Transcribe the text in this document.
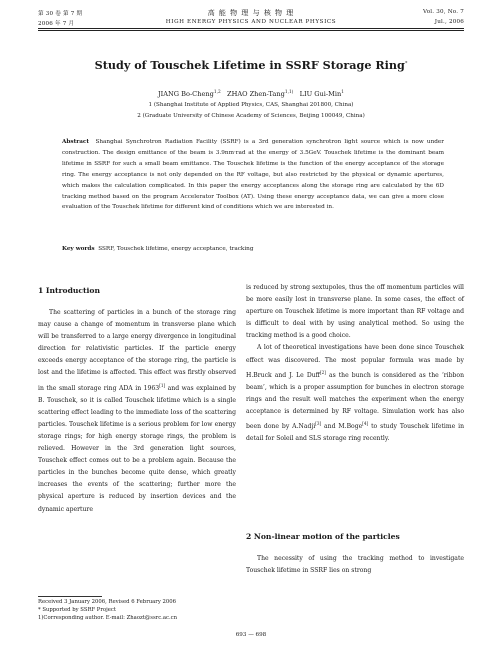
第 30 卷 第 7 期	高 能 物 理 与 核 物 理	Vol. 30, No. 7
2006 年 7 月	HIGH ENERGY PHYSICS AND NUCLEAR PHYSICS	Jul., 2006
Study of Touschek Lifetime in SSRF Storage Ring*
JIANG Bo-Cheng$^{1,2}$ ZHAO Zhen-Tang$^{1,1)}$ LIU Gui-Min$^1$
1 (Shanghai Institute of Applied Physics, CAS, Shanghai 201800, China)
2 (Graduate University of Chinese Academy of Sciences, Beijing 100049, China)
Abstract Shanghai Synchrotron Radiation Facility (SSRF) is a 3rd generation synchrotron light source which is now under construction. The design emittance of the beam is 3.9nm·rad at the energy of 3.5GeV. Touschek lifetime is the dominant beam lifetime in SSRF for such a small beam emittance. The Touschek lifetime is the function of the energy acceptance of the storage ring. The energy acceptance is not only depended on the RF voltage, but also restricted by the physical or dynamic apertures, which makes the calculation complicated. In this paper the energy acceptances along the storage ring are calculated by the 6D tracking method based on the program Accelerator Toolbox (AT). Using these energy acceptance data, we can give a more close evaluation of the Touschek lifetime for different kind of conditions which we are interested in.
Key words SSRF, Touschek lifetime, energy acceptance, tracking
1 Introduction

The scattering of particles in a bunch of the storage ring may cause a change of momentum in transverse plane which will be transferred to a large energy divergence in longitudinal direction for relativistic particles. If the particle energy exceeds energy acceptance of the storage ring, the particle is lost and the lifetime is affected. This effect was firstly observed in the small storage ring ADA in 1963[1] and was explained by B. Touschek, so it is called Touschek lifetime which is a single scattering effect leading to the immediate loss of the scattering particles. Touschek lifetime is a serious problem for low energy storage rings; for high energy storage rings, the problem is relieved. However in the 3rd generation light sources, Touschek effect comes out to be a problem again. Because the particles in the bunches become quite dense, which greatly increases the events of the scattering; further more the physical aperture is reduced by insertion devices and the dynamic aperture

is reduced by strong sextupoles, thus the off momentum particles will be more easily lost in transverse plane. In some cases, the effect of aperture on Touschek lifetime is more important than RF voltage and is difficult to deal with by using analytical method. So using the tracking method is a good choice.

A lot of theoretical investigations have been done since Touschek effect was discovered. The most popular formula was made by H.Bruck and J. Le Duff[2] as the bunch is considered as the ‘ribbon beam’, which is a proper assumption for bunches in electron storage rings and the result well matches the experiment when the energy acceptance is determined by RF voltage. Simulation work has also been done by A.Nadji[3] and M.Boge[4] to study Touschek lifetime in detail for Soleil and SLS storage ring recently.

2 Non-linear motion of the particles

The necessity of using the tracking method to investigate Touschek lifetime in SSRF lies on strong

Received 3 January 2006, Revised 6 February 2006
* Supported by SSRF Project
1)Corresponding author. E-mail: Zhaozt@ssrc.ac.cn
693 — 698
